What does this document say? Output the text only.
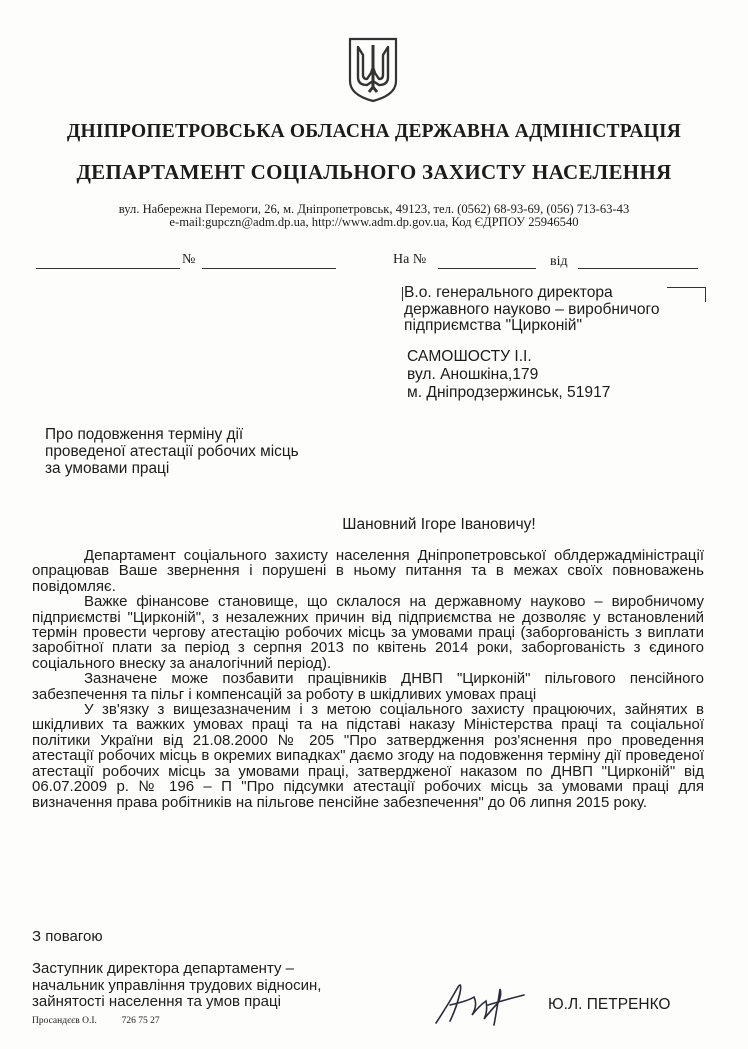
ДНІПРОПЕТРОВСЬКА ОБЛАСНА ДЕРЖАВНА АДМІНІСТРАЦІЯ
ДЕПАРТАМЕНТ СОЦІАЛЬНОГО ЗАХИСТУ НАСЕЛЕННЯ
вул. Набережна Перемоги, 26, м. Дніпропетровськ, 49123, тел. (0562) 68-93-69, (056) 713-63-43
e-mail:gupczn@adm.dp.ua, http://www.adm.dp.gov.ua, Код ЄДРПОУ 25946540
№	На №	від
В.о. генерального директора
державного науково – виробничого
підприємства "Цирконій"
САМОШОСТУ І.І.
вул. Аношкіна,179
м. Дніпродзержинськ, 51917
Про подовження терміну дії
проведеної атестації робочих місць
за умовами праці
Шановний Ігоре Івановичу!

Департамент соціального захисту населення Дніпропетровської облдержадміністрації опрацював Ваше звернення і порушені в ньому питання та в межах своїх повноважень повідомляє.

Важке фінансове становище, що склалося на державному науково – виробничому підприємстві "Цирконій", з незалежних причин від підприємства не дозволяє у встановлений термін провести чергову атестацію робочих місць за умовами праці (заборгованість з виплати заробітної плати за період з серпня 2013 по квітень 2014 роки, заборгованість з єдиного соціального внеску за аналогічний період).

Зазначене може позбавити працівників ДНВП "Цирконій" пільгового пенсійного забезпечення та пільг і компенсацій за роботу в шкідливих умовах праці

У зв'язку з вищезазначеним і з метою соціального захисту працюючих, зайнятих в шкідливих та важких умовах праці та на підставі наказу Міністерства праці та соціальної політики України від 21.08.2000 № 205 "Про затвердження роз'яснення про проведення атестації робочих місць в окремих випадках" даємо згоду на подовження терміну дії проведеної атестації робочих місць за умовами праці, затвердженої наказом по ДНВП "Цирконій" від 06.07.2009 р. № 196 – П "Про підсумки атестації робочих місць за умовами праці для визначення права робітників на пільгове пенсійне забезпечення" до 06 липня 2015 року.

З повагою
Заступник директора департаменту –
начальник управління трудових відносин,
зайнятості населення та умов праці	Ю.Л. ПЕТРЕНКО
Просандєєв О.І.	726 75 27
